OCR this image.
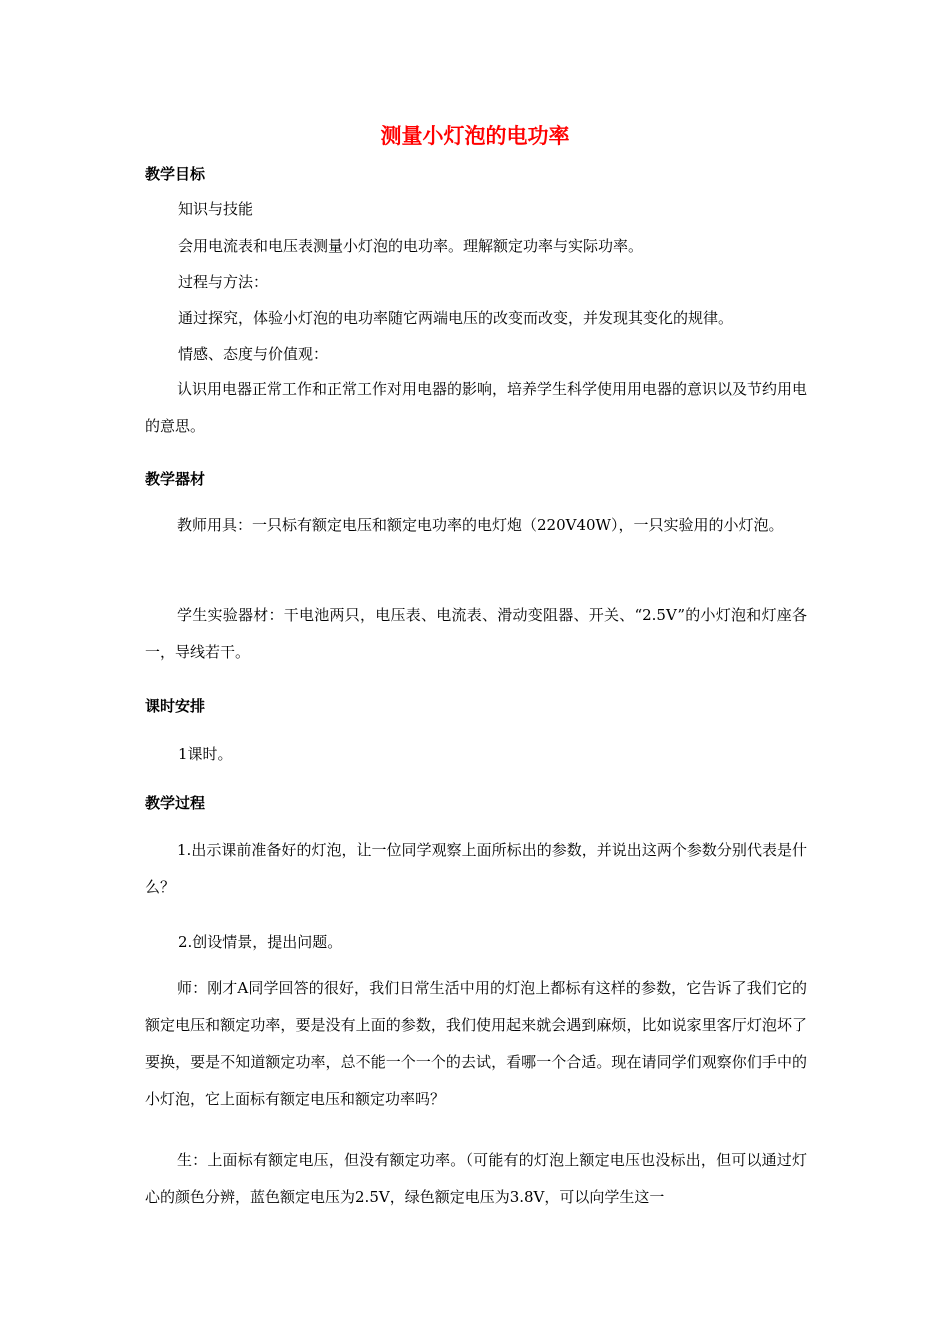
测量小灯泡的电功率
教学目标
知识与技能
会用电流表和电压表测量小灯泡的电功率。理解额定功率与实际功率。
过程与方法：
通过探究，体验小灯泡的电功率随它两端电压的改变而改变，并发现其变化的规律。
情感、态度与价值观：
认识用电器正常工作和正常工作对用电器的影响，培养学生科学使用用电器的意识以及节约用电的意思。
教学器材
教师用具：一只标有额定电压和额定电功率的电灯炮（220V40W），一只实验用的小灯泡。
学生实验器材：干电池两只，电压表、电流表、滑动变阻器、开关、“2.5V”的小灯泡和灯座各一，导线若干。
课时安排
1课时。
教学过程
1.出示课前准备好的灯泡，让一位同学观察上面所标出的参数，并说出这两个参数分别代表是什么？
2.创设情景，提出问题。
师：刚才A同学回答的很好，我们日常生活中用的灯泡上都标有这样的参数，它告诉了我们它的额定电压和额定功率，要是没有上面的参数，我们使用起来就会遇到麻烦，比如说家里客厅灯泡坏了要换，要是不知道额定功率，总不能一个一个的去试，看哪一个合适。现在请同学们观察你们手中的小灯泡，它上面标有额定电压和额定功率吗？
生：上面标有额定电压，但没有额定功率。（可能有的灯泡上额定电压也没标出，但可以通过灯心的颜色分辨，蓝色额定电压为2.5V，绿色额定电压为3.8V，可以向学生这一
